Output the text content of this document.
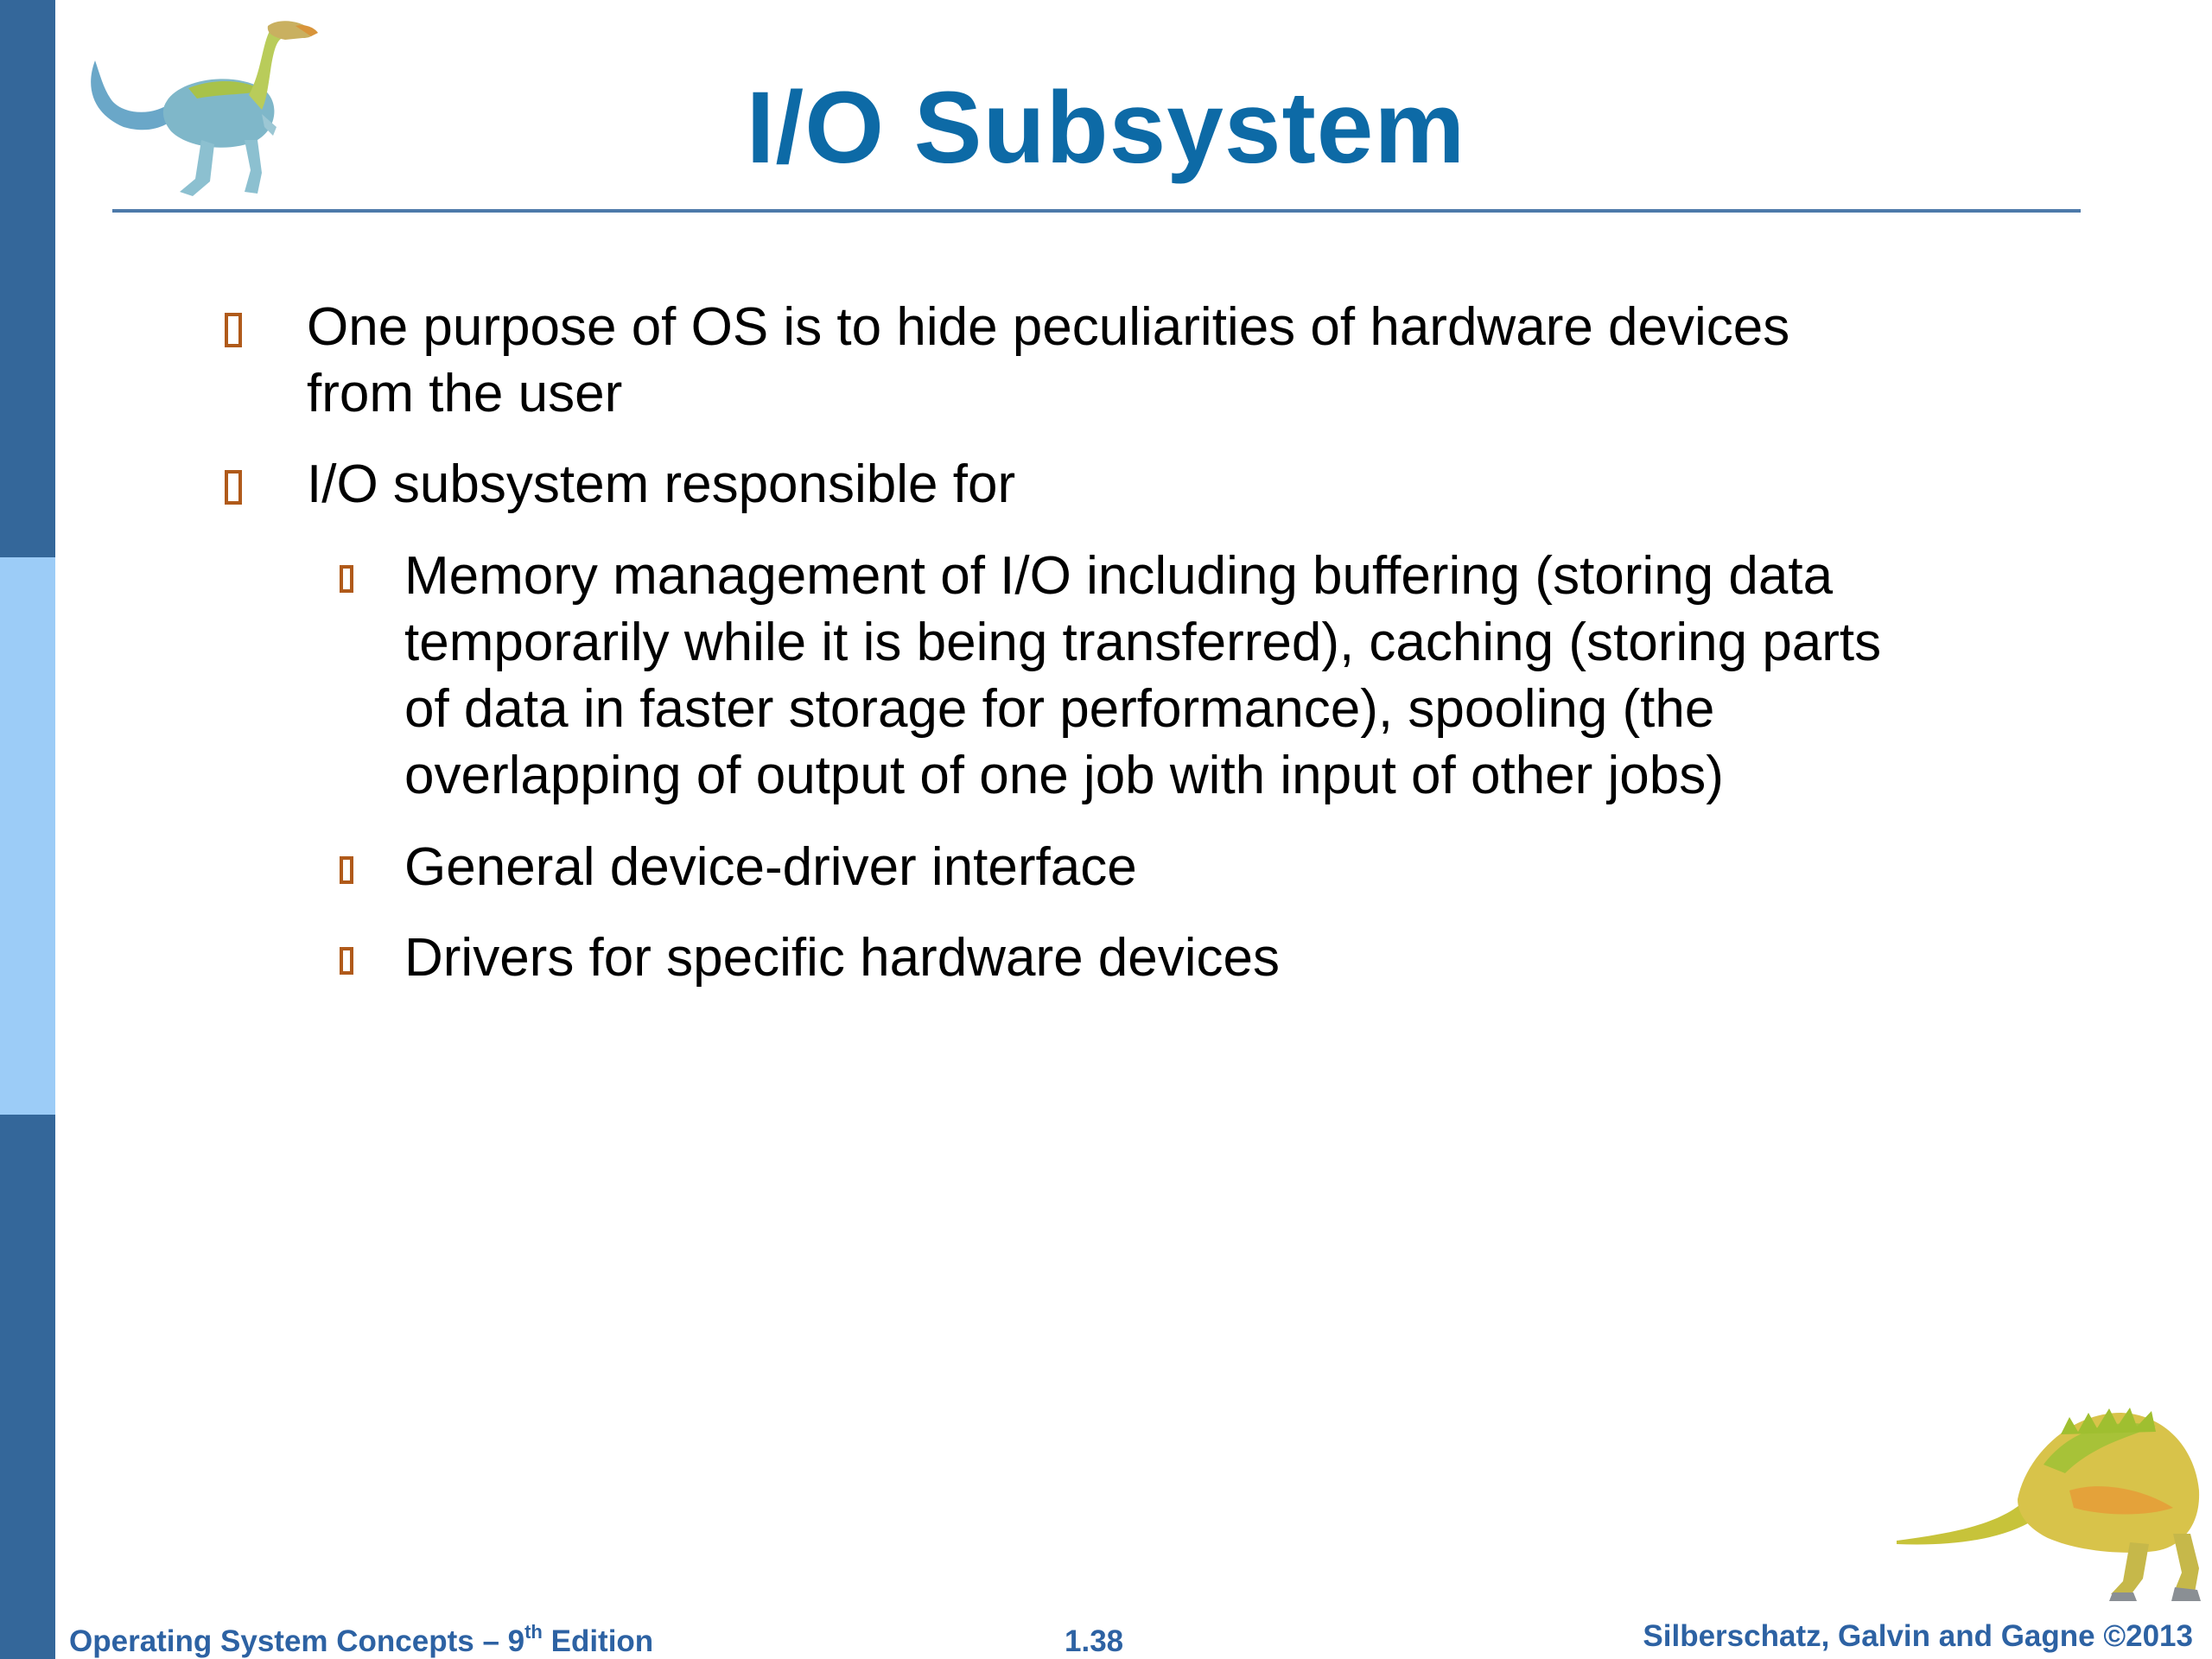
I/O Subsystem
One purpose of OS is to hide peculiarities of hardware devices
from the user
I/O subsystem responsible for
Memory management of I/O including buffering (storing data
temporarily while it is being transferred), caching (storing parts
of data in faster storage for performance), spooling (the
overlapping of output of one job with input of other jobs)
General device-driver interface
Drivers for specific hardware devices
Operating System Concepts – 9th Edition	1.38	Silberschatz, Galvin and Gagne ©2013
